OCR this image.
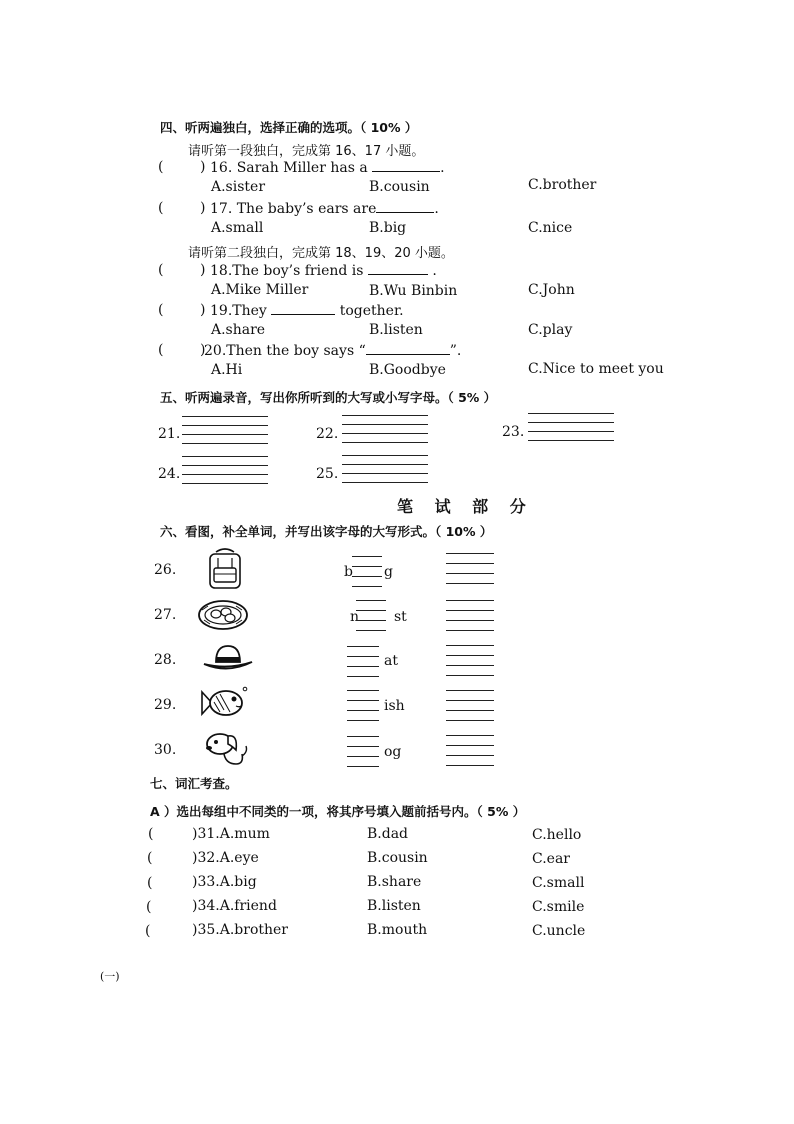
四、听两遍独白，选择正确的选项。（ 10% ）
请听第一段独白，完成第 16、17 小题。
(	) 16. Sarah Miller has a	.
A.sister	B.cousin	C.brother
(	) 17. The baby’s ears are	.
A.small	B.big	C.nice
请听第二段独白，完成第 18、19、20 小题。
(	) 18.The boy’s friend is	.
A.Mike Miller	B.Wu Binbin	C.John
(	) 19.They	together.
A.share	B.listen	C.play
(	)
20.Then the boy says “	”.
A.Hi	B.Goodbye	C.Nice to meet you
五、听两遍录音，写出你所听到的大写或小写字母。（ 5% ）
21.	22.	23.
24.	25.
笔 试 部 分
六、看图，补全单词，并写出该字母的大写形式。（ 10% ）
26.	b g
27.	n st
28.	at
29.	ish
30.	og
七、词汇考查。
A ）选出每组中不同类的一项，将其序号填入题前括号内。（ 5% ）
(	)31.A.mum	B.dad	C.hello
(	)32.A.eye	B.cousin	C.ear
(	)33.A.big	B.share	C.small
(	)34.A.friend	B.listen	C.smile
(	)35.A.brother	B.mouth	C.uncle
(一)
